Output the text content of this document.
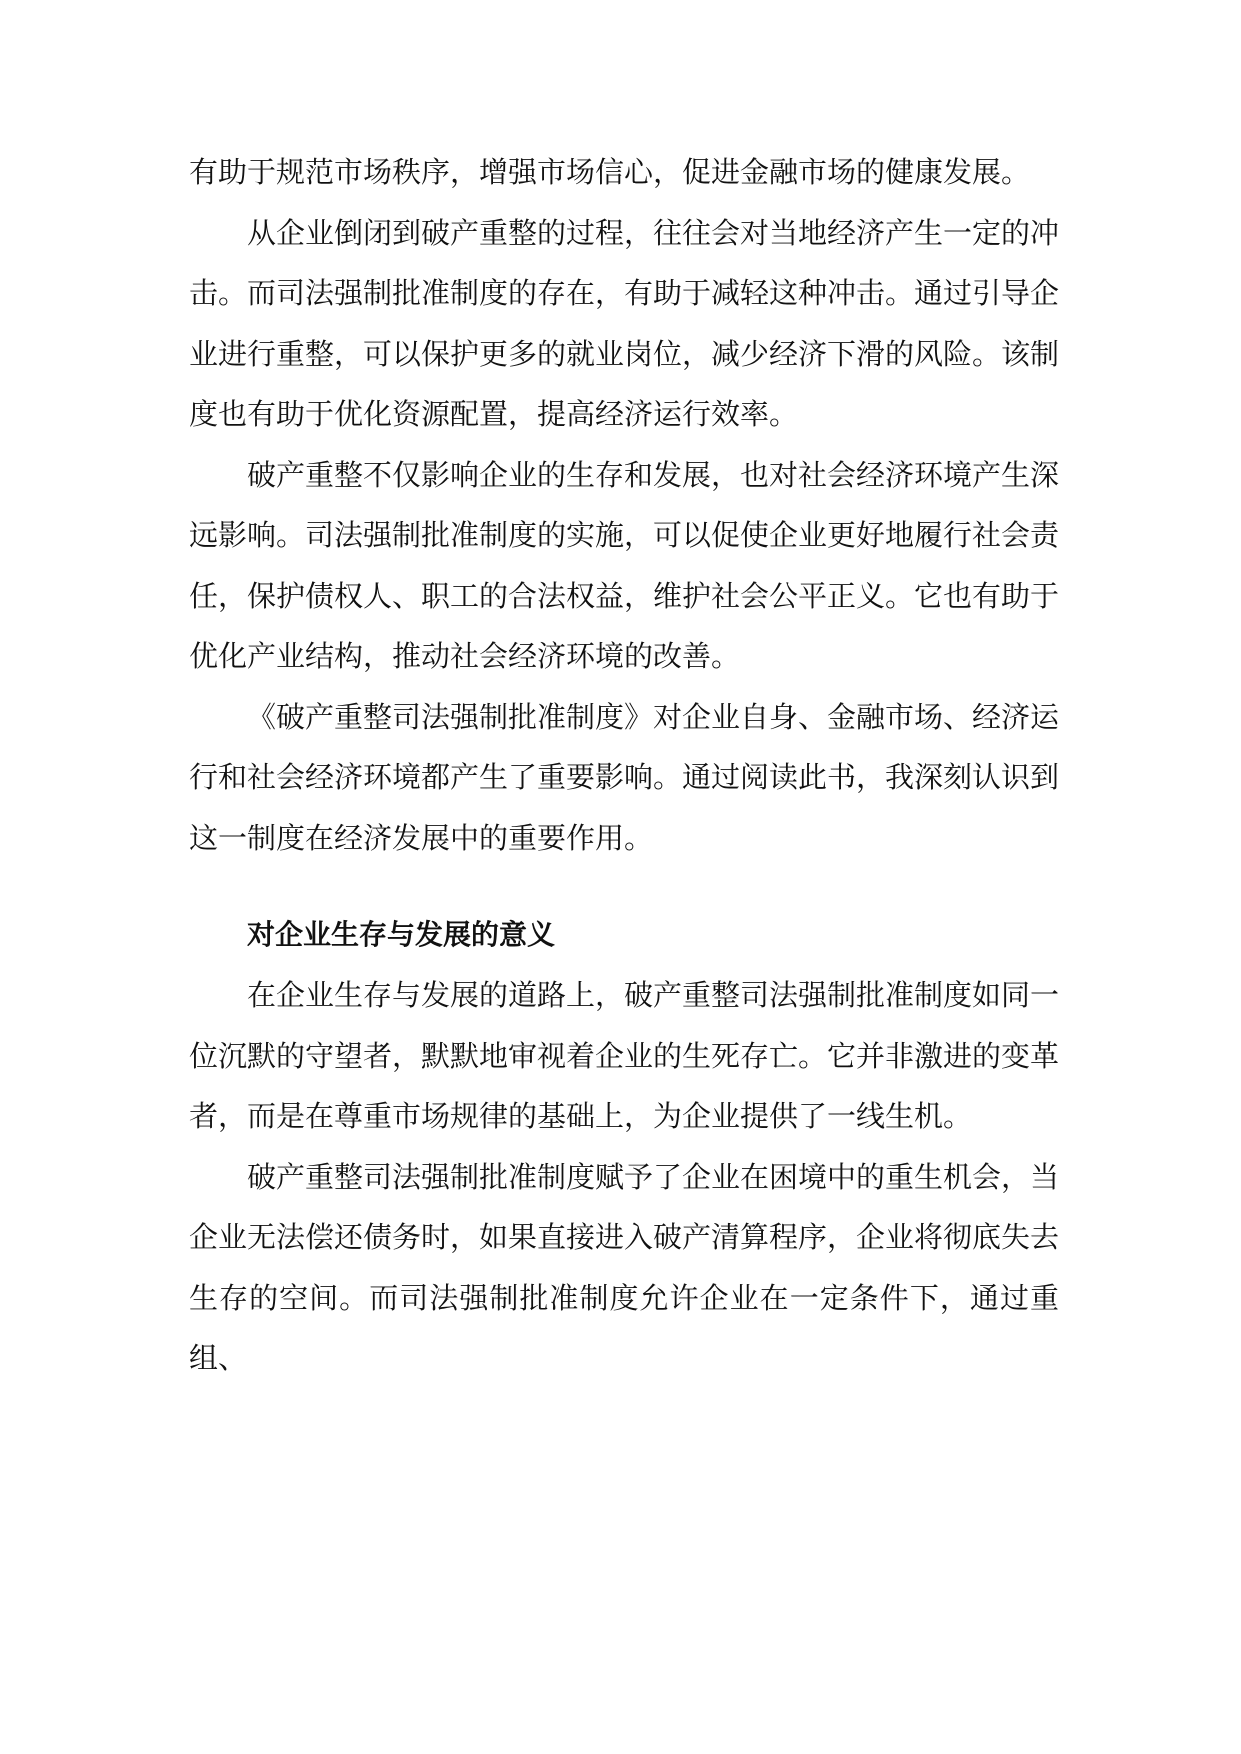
有助于规范市场秩序，增强市场信心，促进金融市场的健康发展。

从企业倒闭到破产重整的过程，往往会对当地经济产生一定的冲击。而司法强制批准制度的存在，有助于减轻这种冲击。通过引导企业进行重整，可以保护更多的就业岗位，减少经济下滑的风险。该制度也有助于优化资源配置，提高经济运行效率。

破产重整不仅影响企业的生存和发展，也对社会经济环境产生深远影响。司法强制批准制度的实施，可以促使企业更好地履行社会责任，保护债权人、职工的合法权益，维护社会公平正义。它也有助于优化产业结构，推动社会经济环境的改善。

《破产重整司法强制批准制度》对企业自身、金融市场、经济运行和社会经济环境都产生了重要影响。通过阅读此书，我深刻认识到这一制度在经济发展中的重要作用。

对企业生存与发展的意义

在企业生存与发展的道路上，破产重整司法强制批准制度如同一位沉默的守望者，默默地审视着企业的生死存亡。它并非激进的变革者，而是在尊重市场规律的基础上，为企业提供了一线生机。

破产重整司法强制批准制度赋予了企业在困境中的重生机会，当企业无法偿还债务时，如果直接进入破产清算程序，企业将彻底失去生存的空间。而司法强制批准制度允许企业在一定条件下，通过重组、
